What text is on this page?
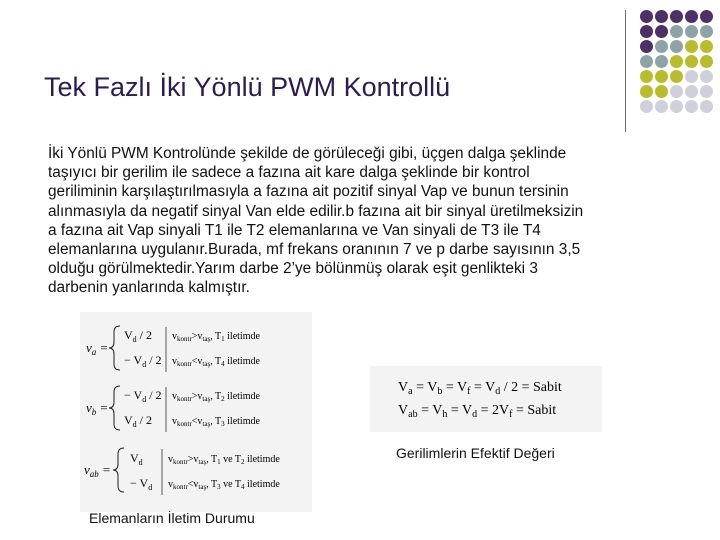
Tek Fazlı İki Yönlü PWM Kontrollü

İki Yönlü PWM Kontrolünde şekilde de görüleceği gibi, üçgen dalga şeklinde
taşıyıcı bir gerilim ile sadece a fazına ait kare dalga şeklinde bir kontrol
geriliminin karşılaştırılmasıyla a fazına ait pozitif sinyal Vap ve bunun tersinin
alınmasıyla da negatif sinyal Van elde edilir.b fazına ait bir sinyal üretilmeksizin
a fazına ait Vap sinyali T1 ile T2 elemanlarına ve Van sinyali de T3 ile T4
elemanlarına uygulanır.Burada, mf frekans oranının 7 ve p darbe sayısının 3,5
olduğu görülmektedir.Yarım darbe 2’ye bölünmüş olarak eşit genlikteki 3
darbenin yanlarında kalmıştır.

$v_a$ =
$V_d / 2$ $v_{kontr}>v_{taş}$, $T_1$ iletimde
− $V_d / 2$ $v_{kontr}<v_{taş}$, $T_4$ iletimde
$v_b$ =
− $V_d / 2$ $v_{kontr}>v_{taş}$, $T_2$ iletimde
$V_d / 2$ $v_{kontr}<v_{taş}$, $T_3$ iletimde
$v_{ab}$ =
$V_d$	$v_{kontr}>v_{taş}$, $T_1$ ve $T_2$ iletimde
− $V_d$ $v_{kontr}<v_{taş}$, $T_3$ ve $T_4$ iletimde
$V_a = V_b = V_f = V_d / 2$ = Sabit
$V_{ab} = V_h = V_d = 2V_f$ = Sabit

Gerilimlerin Efektif Değeri

Elemanların İletim Durumu
